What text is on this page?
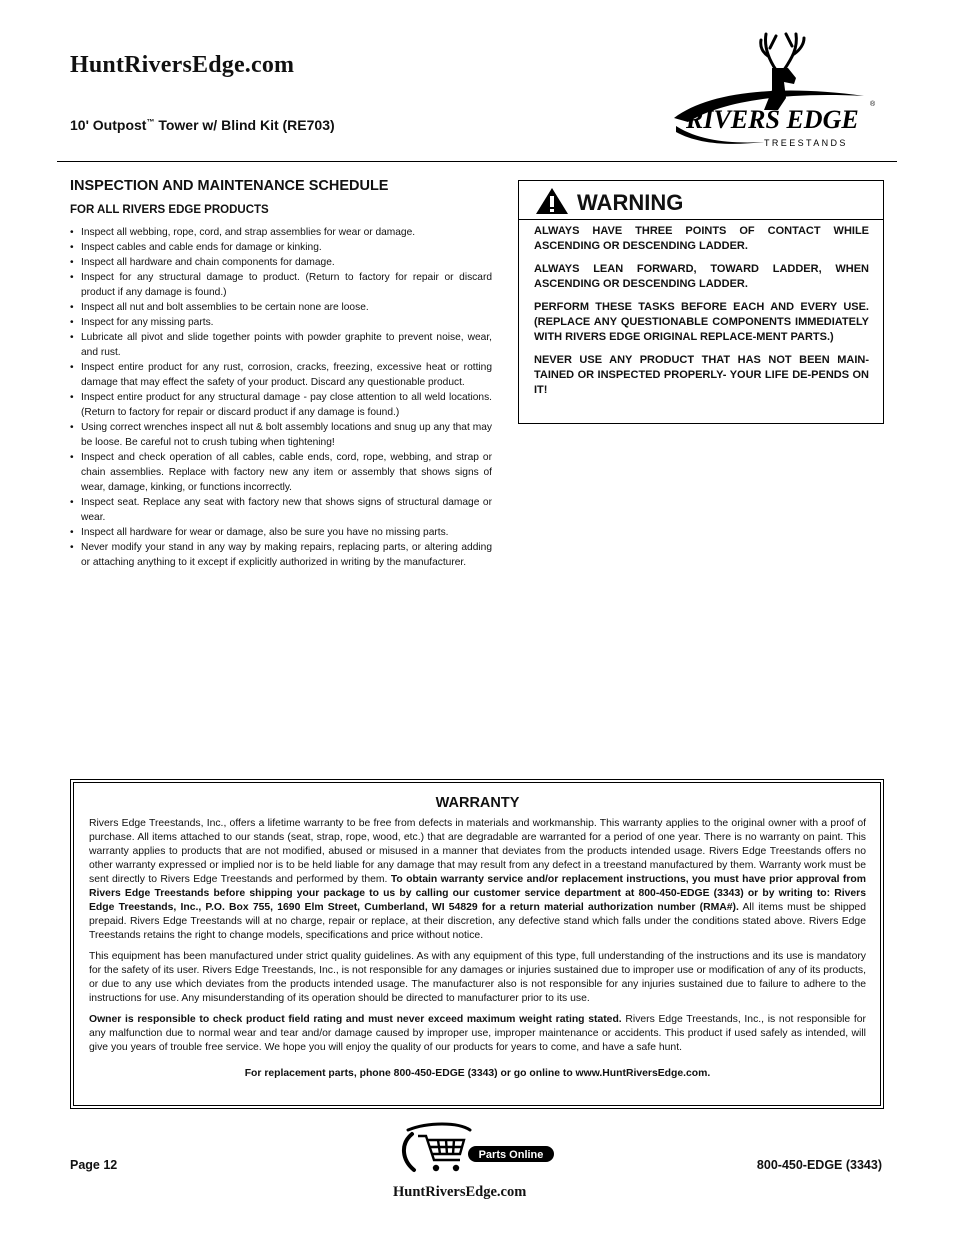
HuntRiversEdge.com

10' Outpost™ Tower w/ Blind Kit (RE703)	RIVERS EDGE
®
TREESTANDS
INSPECTION AND MAINTENANCE SCHEDULE
FOR ALL RIVERS EDGE PRODUCTS
• Inspect all webbing, rope, cord, and strap assemblies for wear or damage.
• Inspect cables and cable ends for damage or kinking.
• Inspect all hardware and chain components for damage.
• Inspect for any structural damage to product. (Return to factory for repair or discard product if any damage is found.)
• Inspect all nut and bolt assemblies to be certain none are loose.
• Inspect for any missing parts.
• Lubricate all pivot and slide together points with powder graphite to prevent noise, wear, and rust.
• Inspect entire product for any rust, corrosion, cracks, freezing, excessive heat or rotting damage that may effect the safety of your product. Discard any questionable product.
• Inspect entire product for any structural damage - pay close attention to all weld locations. (Return to factory for repair or discard product if any damage is found.)
• Using correct wrenches inspect all nut & bolt assembly locations and snug up any that may be loose. Be careful not to crush tubing when tightening!
• Inspect and check operation of all cables, cable ends, cord, rope, webbing, and strap or chain assemblies. Replace with factory new any item or assembly that shows signs of wear, damage, kinking, or functions incorrectly.
• Inspect seat. Replace any seat with factory new that shows signs of structural damage or wear.
• Inspect all hardware for wear or damage, also be sure you have no missing parts.
• Never modify your stand in any way by making repairs, replacing parts, or altering adding or attaching anything to it except if explicitly authorized in writing by the manufacturer.
WARNING

ALWAYS HAVE THREE POINTS OF CONTACT WHILE ASCENDING OR DESCENDING LADDER.

ALWAYS LEAN FORWARD, TOWARD LADDER, WHEN ASCENDING OR DESCENDING LADDER.

PERFORM THESE TASKS BEFORE EACH AND EVERY USE. (REPLACE ANY QUESTIONABLE COMPONENTS IMMEDIATELY WITH RIVERS EDGE ORIGINAL REPLACE-MENT PARTS.)

NEVER USE ANY PRODUCT THAT HAS NOT BEEN MAIN-TAINED OR INSPECTED PROPERLY- YOUR LIFE DE-PENDS ON IT!

WARRANTY

Rivers Edge Treestands, Inc., offers a lifetime warranty to be free from defects in materials and workmanship. This warranty applies to the original owner with a proof of purchase. All items attached to our stands (seat, strap, rope, wood, etc.) that are degradable are warranted for a period of one year. There is no warranty on paint. This warranty applies to products that are not modified, abused or misused in a manner that deviates from the products intended usage. Rivers Edge Treestands offers no other warranty expressed or implied nor is to be held liable for any damage that may result from any defect in a treestand manufactured by them. Warranty work must be sent directly to Rivers Edge Treestands and performed by them. To obtain warranty service and/or replacement instructions, you must have prior approval from Rivers Edge Treestands before shipping your package to us by calling our customer service department at 800-450-EDGE (3343) or by writing to: Rivers Edge Treestands, Inc., P.O. Box 755, 1690 Elm Street, Cumberland, WI 54829 for a return material authorization number (RMA#). All items must be shipped prepaid. Rivers Edge Treestands will at no charge, repair or replace, at their discretion, any defective stand which falls under the conditions stated above. Rivers Edge Treestands retains the right to change models, specifications and price without notice.

This equipment has been manufactured under strict quality guidelines. As with any equipment of this type, full understanding of the instructions and its use is mandatory for the safety of its user. Rivers Edge Treestands, Inc., is not responsible for any damages or injuries sustained due to improper use or modification of any of its products, or due to any use which deviates from the products intended usage. The manufacturer also is not responsible for any injuries sustained due to failure to adhere to the instructions for use. Any misunderstanding of its operation should be directed to manufacturer prior to its use.

Owner is responsible to check product field rating and must never exceed maximum weight rating stated. Rivers Edge Treestands, Inc., is not responsible for any malfunction due to normal wear and tear and/or damage caused by improper use, improper maintenance or accidents. This product if used safely as intended, will give you years of trouble free service. We hope you will enjoy the quality of our products for years to come, and have a safe hunt.

For replacement parts, phone 800-450-EDGE (3343) or go online to www.HuntRiversEdge.com.

Page 12	800-450-EDGE (3343)
Parts Online
HuntRiversEdge.com
